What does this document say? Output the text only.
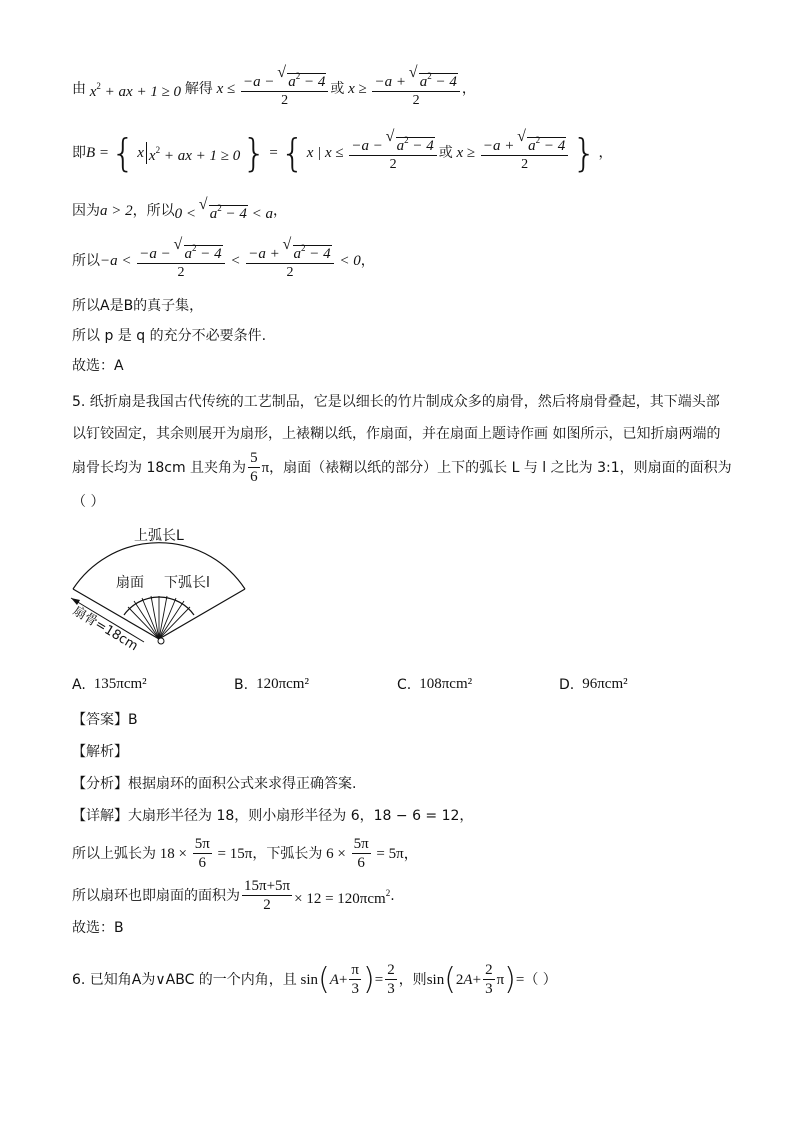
由 $x^2$ + ax + 1 ≥ 0 解得 $x \le \frac{-a - √ a^2 - 4}{2}$ 或 $x \ge \frac{-a + √ a^2 - 4}{2}$ ，
即 B = { x $x^2$ + ax + 1 ≥ 0 } = { x | $x \le \frac{-a - √ a^2 - 4}{2}$ 或 $x \ge \frac{-a + √ a^2 - 4}{2}$ } ，
因为 a > 2 ，所以 0 < √ $a^2 - 4 < a$ ，
所以 $-a < \frac{-a - √ a^2 - 4}{2} < \frac{-a + √ a^2 - 4}{2} < 0$ ，
所以A是B的真子集，
所以 p 是 q 的充分不必要条件.
故选：A
5. 纸折扇是我国古代传统的工艺制品，它是以细长的竹片制成众多的扇骨，然后将扇骨叠起，其下端头部
以钉铰固定，其余则展开为扇形，上裱糊以纸，作扇面，并在扇面上题诗作画 如图所示，已知折扇两端的
扇骨长均为 18cm 且夹角为 $\frac{5}{6}$ π ，扇面（裱糊以纸的部分）上下的弧长 L 与 l 之比为 3:1，则扇面的面积为
（ ）
上弧长L
扇面 下弧长l
扇骨=18cm
A. 135πcm²	B. 120πcm²	C. 108πcm²	D. 96πcm²
【答案】B
【解析】
【分析】根据扇环的面积公式来求得正确答案.
【详解】大扇形半径为 18，则小扇形半径为 6，18 − 6 = 12，
所以上弧长为 $18 \times \frac{5\pi}{6} = 15\pi$ ，下弧长为 $6 \times \frac{5\pi}{6} = 5\pi$，
所以扇环也即扇面的面积为 $\frac{15\pi+5\pi}{2} \times 12 = 120\pi cm^2$ .
故选：B
6. 已知角A为∨ABC 的一个内角，且 sin ( $A + \frac{\pi}{3}$ ) = $\frac{2}{3}$ ，则 sin ( 2 $A + \frac{2}{3}$ π ) = （ ）
